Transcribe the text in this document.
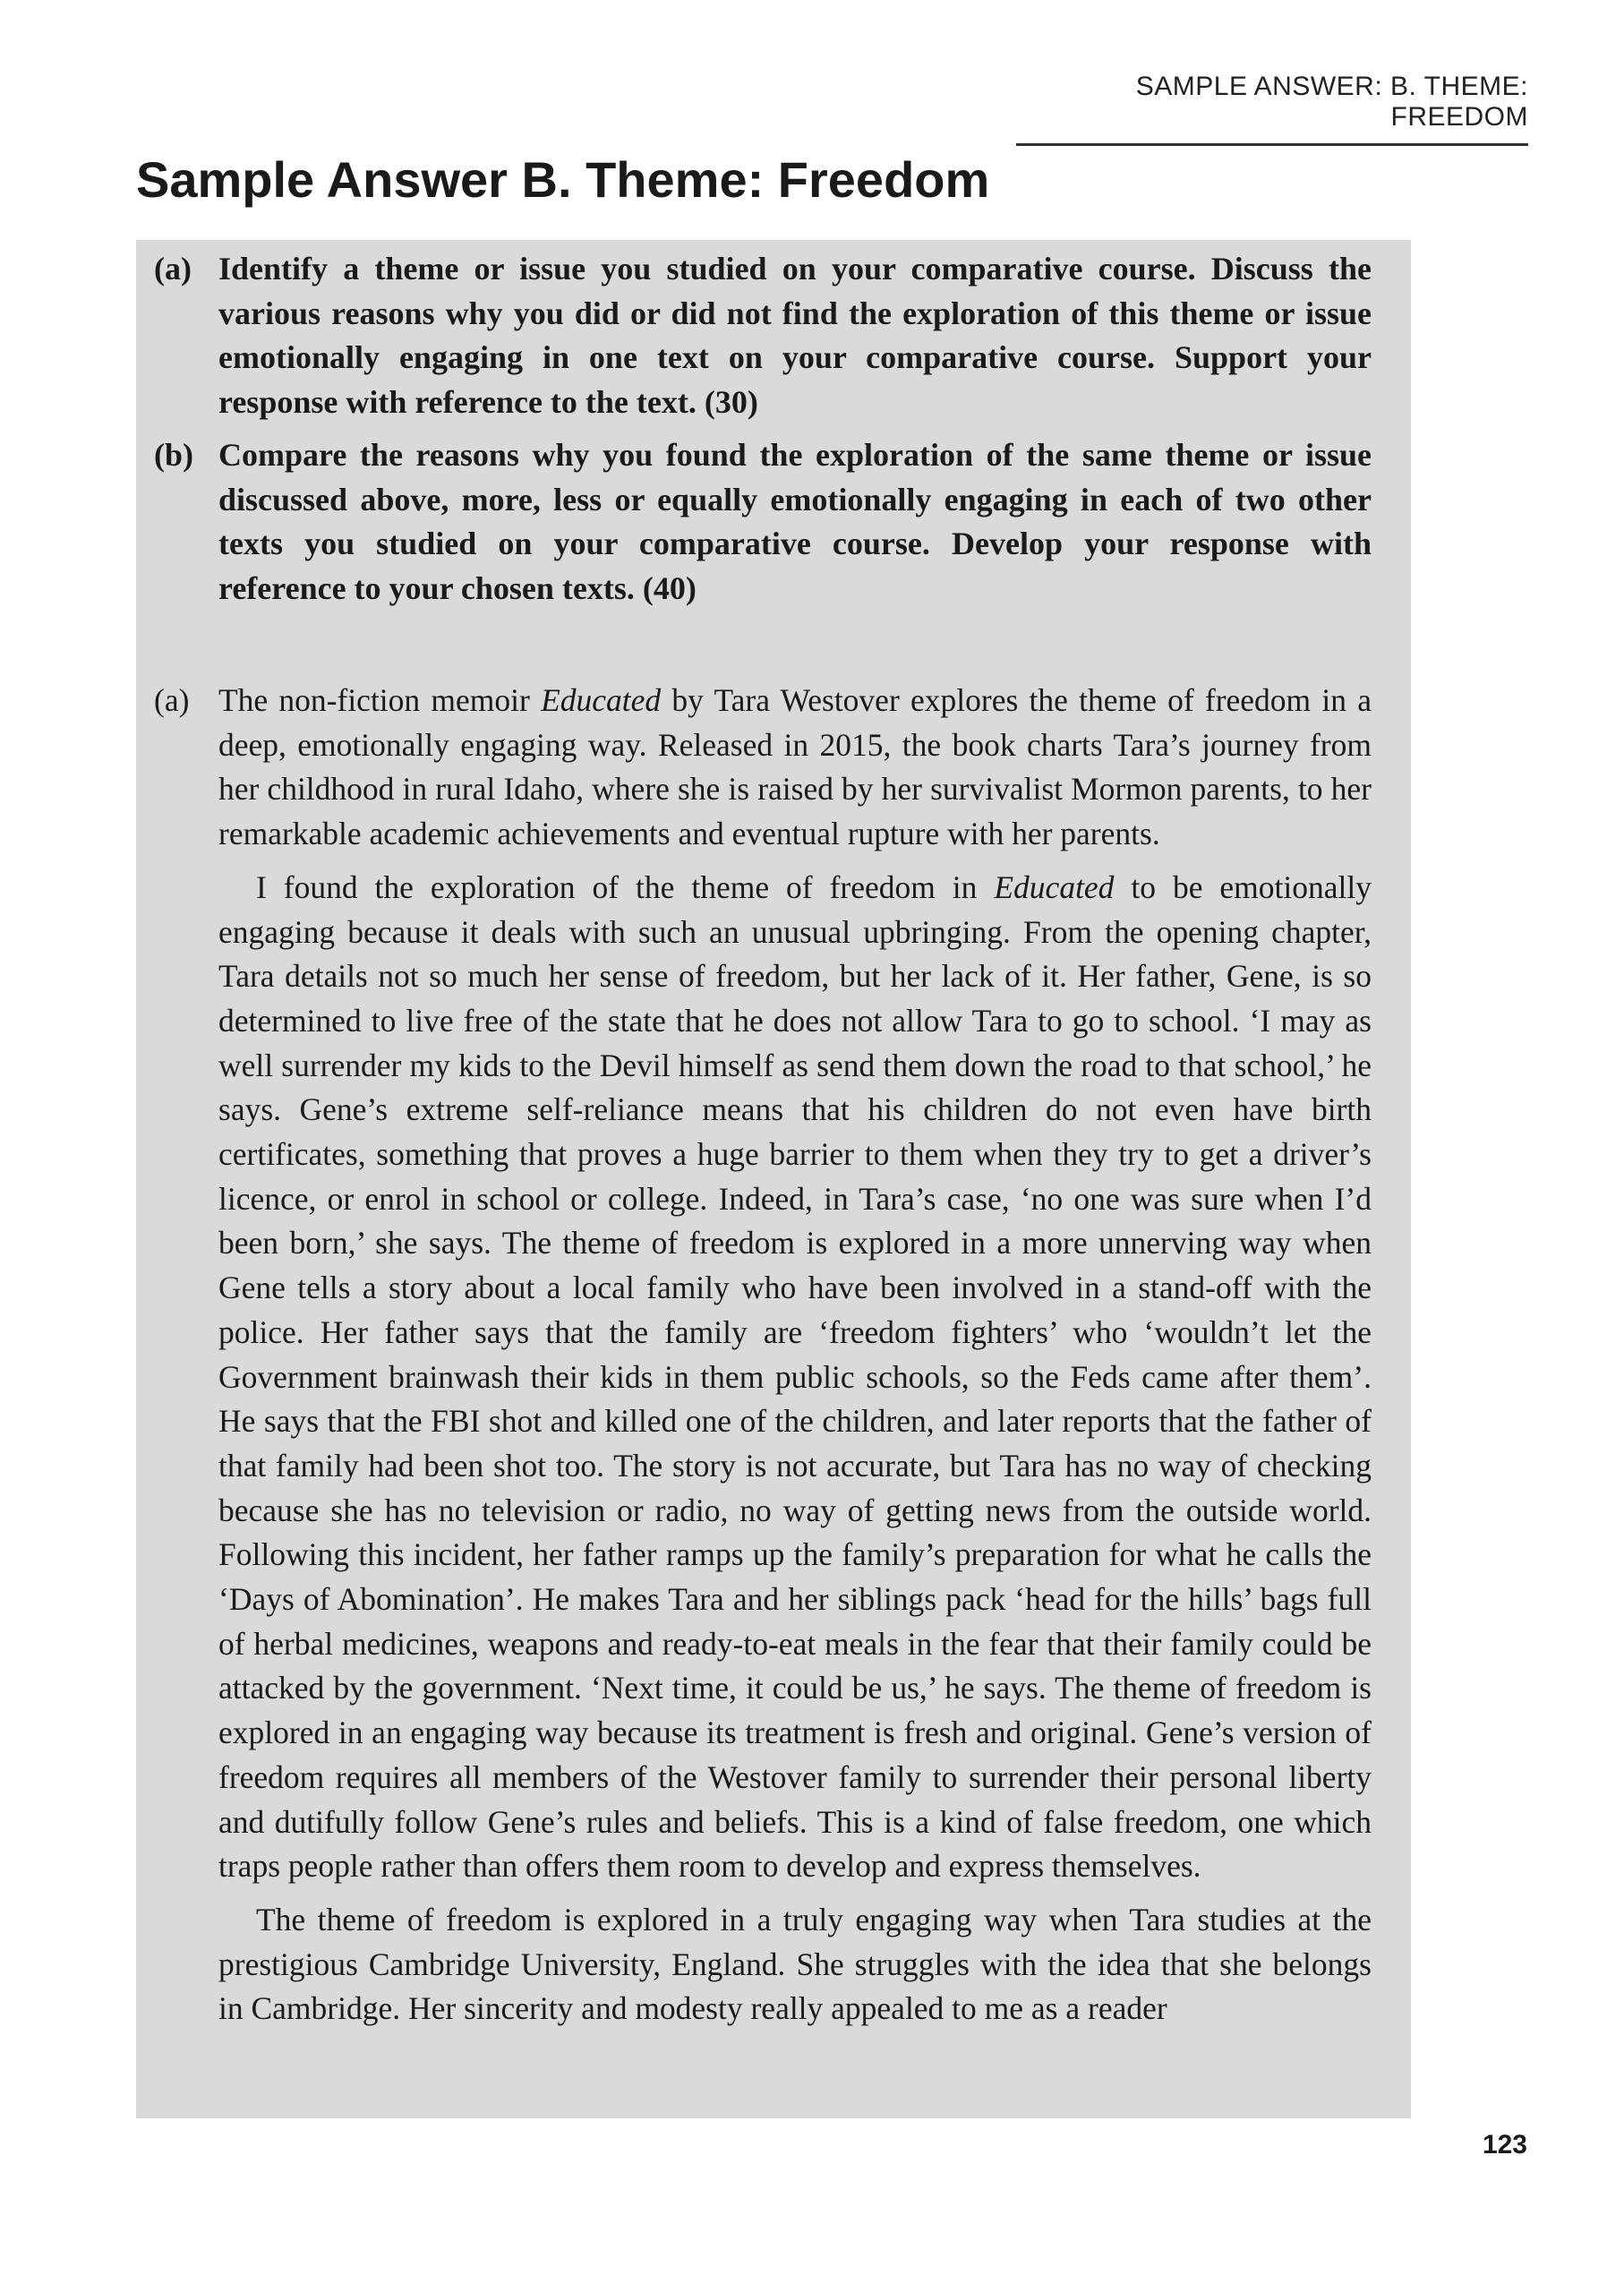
SAMPLE ANSWER: B. THEME: FREEDOM
Sample Answer B. Theme: Freedom
(a) Identify a theme or issue you studied on your comparative course. Discuss the various reasons why you did or did not find the exploration of this theme or issue emotionally engaging in one text on your comparative course. Support your response with reference to the text. (30)
(b) Compare the reasons why you found the exploration of the same theme or issue discussed above, more, less or equally emotionally engaging in each of two other texts you studied on your comparative course. Develop your response with reference to your chosen texts. (40)
(a) The non-fiction memoir Educated by Tara Westover explores the theme of freedom in a deep, emotionally engaging way. Released in 2015, the book charts Tara’s journey from her childhood in rural Idaho, where she is raised by her survivalist Mormon parents, to her remarkable academic achievements and eventual rupture with her parents.

I found the exploration of the theme of freedom in Educated to be emotionally engaging because it deals with such an unusual upbringing. From the opening chapter, Tara details not so much her sense of freedom, but her lack of it. Her father, Gene, is so determined to live free of the state that he does not allow Tara to go to school. ‘I may as well surrender my kids to the Devil himself as send them down the road to that school,’ he says. Gene’s extreme self-reliance means that his children do not even have birth certificates, something that proves a huge barrier to them when they try to get a driver’s licence, or enrol in school or college. Indeed, in Tara’s case, ‘no one was sure when I’d been born,’ she says. The theme of freedom is explored in a more unnerving way when Gene tells a story about a local family who have been involved in a stand-off with the police. Her father says that the family are ‘freedom fighters’ who ‘wouldn’t let the Government brainwash their kids in them public schools, so the Feds came after them’. He says that the FBI shot and killed one of the children, and later reports that the father of that family had been shot too. The story is not accurate, but Tara has no way of checking because she has no television or radio, no way of getting news from the outside world. Following this incident, her father ramps up the family’s preparation for what he calls the ‘Days of Abomination’. He makes Tara and her siblings pack ‘head for the hills’ bags full of herbal medicines, weapons and ready-to-eat meals in the fear that their family could be attacked by the government. ‘Next time, it could be us,’ he says. The theme of freedom is explored in an engaging way because its treatment is fresh and original. Gene’s version of freedom requires all members of the Westover family to surrender their personal liberty and dutifully follow Gene’s rules and beliefs. This is a kind of false freedom, one which traps people rather than offers them room to develop and express themselves.

The theme of freedom is explored in a truly engaging way when Tara studies at the prestigious Cambridge University, England. She struggles with the idea that she belongs in Cambridge. Her sincerity and modesty really appealed to me as a reader

123
